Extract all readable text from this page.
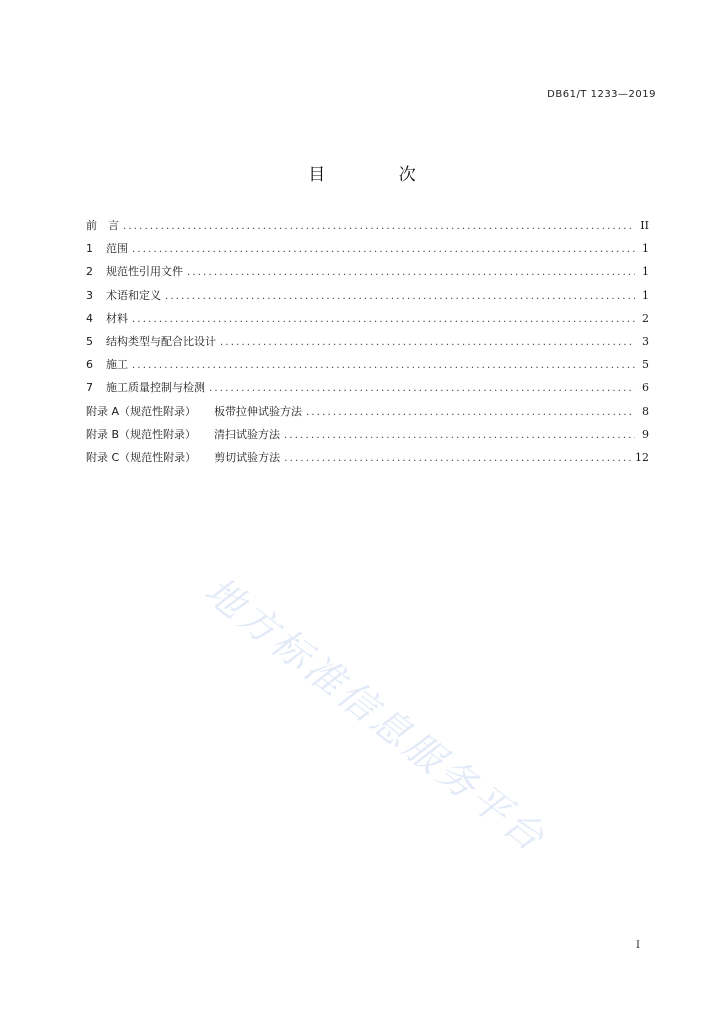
DB61/T 1233—2019
目 次
前　言 .....	II
1	范围 .....	1
2	规范性引用文件 .....	1
3	术语和定义 .....	1
4	材料 .....	2
5	结构类型与配合比设计 .....	3
6	施工 .....	5
7	施工质量控制与检测 .....	6
附录 A（规范性附录） 板带拉伸试验方法 .....	8
附录 B（规范性附录） 清扫试验方法 .....	9
附录 C（规范性附录） 剪切试验方法 .....	12
地方标准信息服务平台
I
